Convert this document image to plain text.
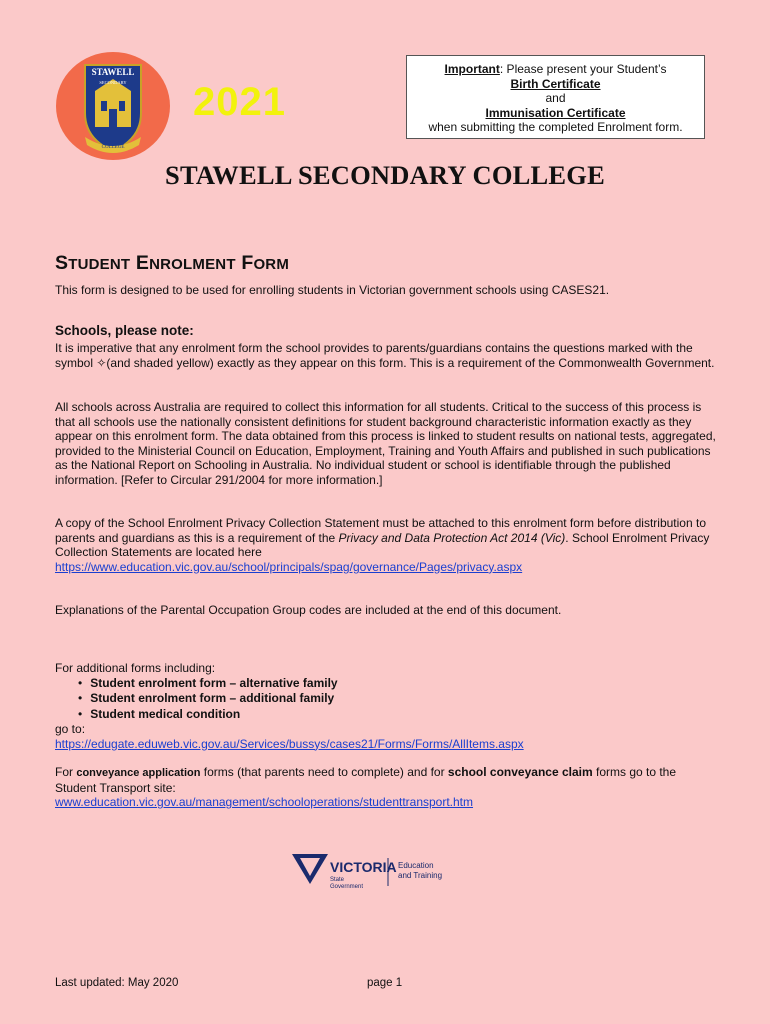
STAWELL
SECONDARY
COLLEGE
2021
Important: Please present your Student’s
Birth Certificate
and
Immunisation Certificate
when submitting the completed Enrolment form.
STAWELL SECONDARY COLLEGE
STUDENT ENROLMENT FORM
This form is designed to be used for enrolling students in Victorian government schools using CASES21.
Schools, please note:
It is imperative that any enrolment form the school provides to parents/guardians contains the questions marked with the symbol ✧(and shaded yellow) exactly as they appear on this form. This is a requirement of the Commonwealth Government.
All schools across Australia are required to collect this information for all students. Critical to the success of this process is that all schools use the nationally consistent definitions for student background characteristic information exactly as they appear on this enrolment form. The data obtained from this process is linked to student results on national tests, aggregated, provided to the Ministerial Council on Education, Employment, Training and Youth Affairs and published in such publications as the National Report on Schooling in Australia. No individual student or school is identifiable through the published information. [Refer to Circular 291/2004 for more information.]
A copy of the School Enrolment Privacy Collection Statement must be attached to this enrolment form before distribution to parents and guardians as this is a requirement of the Privacy and Data Protection Act 2014 (Vic). School Enrolment Privacy Collection Statements are located here
https://www.education.vic.gov.au/school/principals/spag/governance/Pages/privacy.aspx
Explanations of the Parental Occupation Group codes are included at the end of this document.
For additional forms including:
• Student enrolment form – alternative family
• Student enrolment form – additional family
• Student medical condition
go to:
https://edugate.eduweb.vic.gov.au/Services/bussys/cases21/Forms/Forms/AllItems.aspx
For conveyance application forms (that parents need to complete) and for school conveyance claim forms go to the Student Transport site:
www.education.vic.gov.au/management/schooloperations/studenttransport.htm
VICTORIA
State
Government
Education
and Training
Last updated: May 2020	page 1
